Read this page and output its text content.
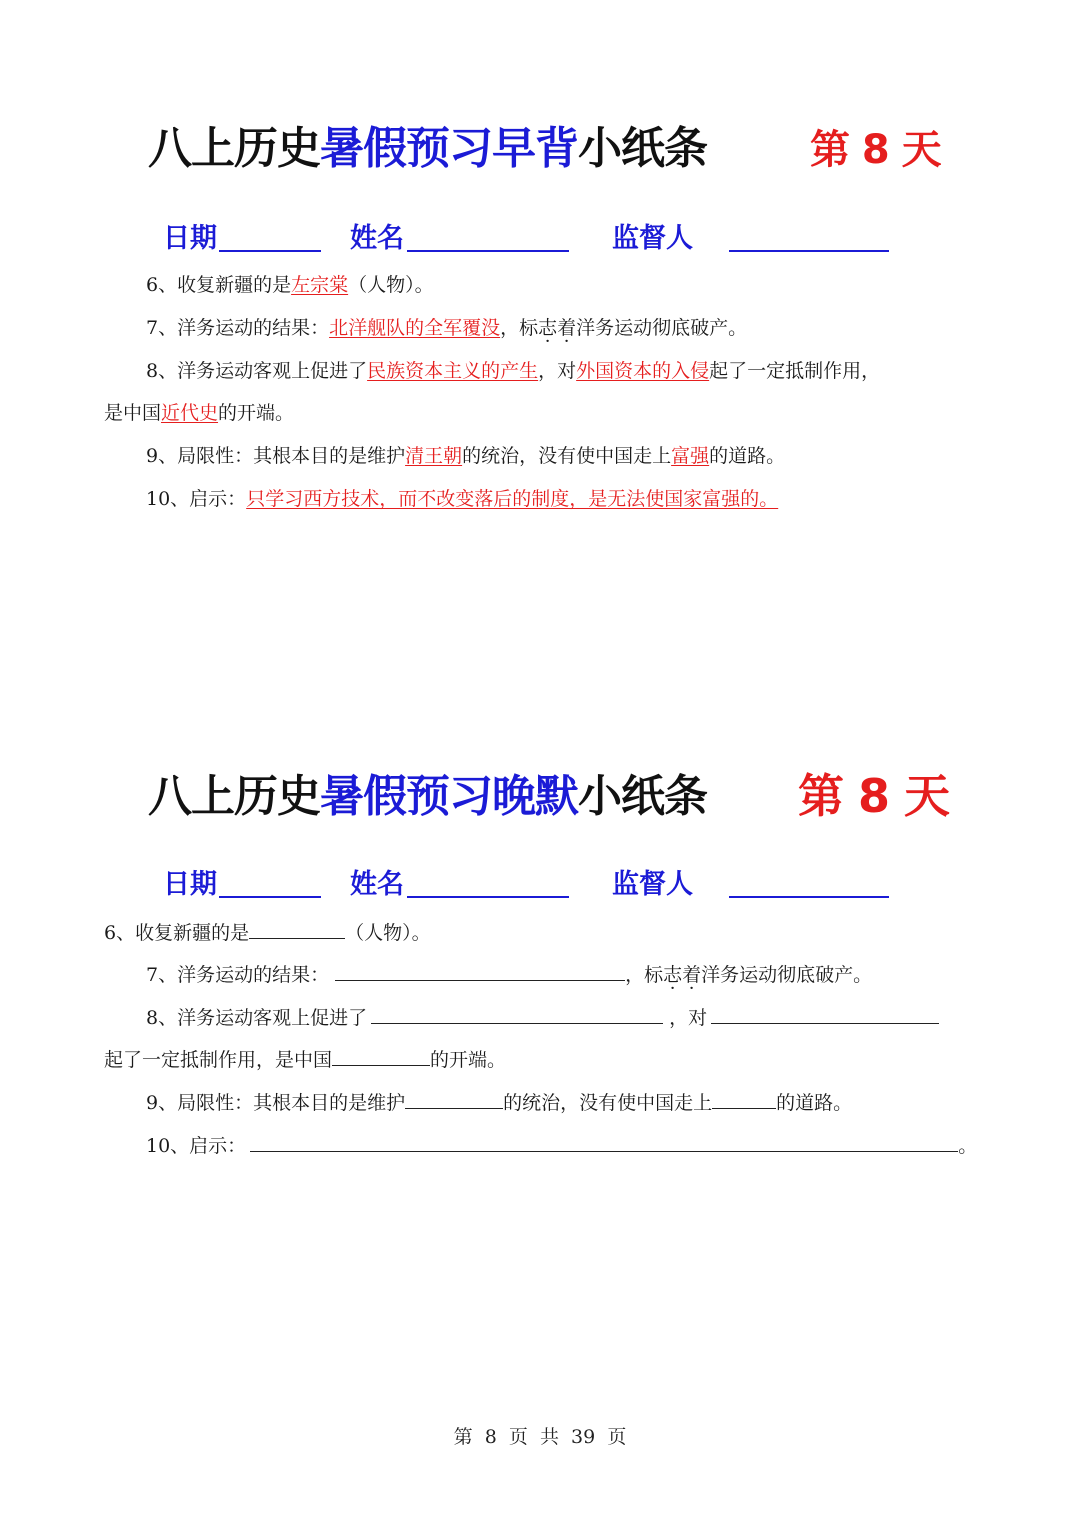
八上历史暑假预习早背小纸条	第 8 天
日期	姓名	监督人
6、收复新疆的是左宗棠（人物）。
7、洋务运动的结果：北洋舰队的全军覆没，标志着洋务运动彻底破产。
8、洋务运动客观上促进了民族资本主义的产生，对外国资本的入侵起了一定抵制作用，
是中国近代史的开端。
9、局限性：其根本目的是维护清王朝的统治，没有使中国走上富强的道路。
10、启示：只学习西方技术，而不改变落后的制度，是无法使国家富强的。
八上历史暑假预习晚默小纸条 第 8 天
日期	姓名	监督人
6、收复新疆的是	（人物）。
7、洋务运动的结果：	，标志着洋务运动彻底破产。
8、洋务运动客观上促进了	，对
起了一定抵制作用，是中国	的开端。
9、局限性：其根本目的是维护	的统治，没有使中国走上	的道路。
10、启示：	。
第  8  页  共  39  页
